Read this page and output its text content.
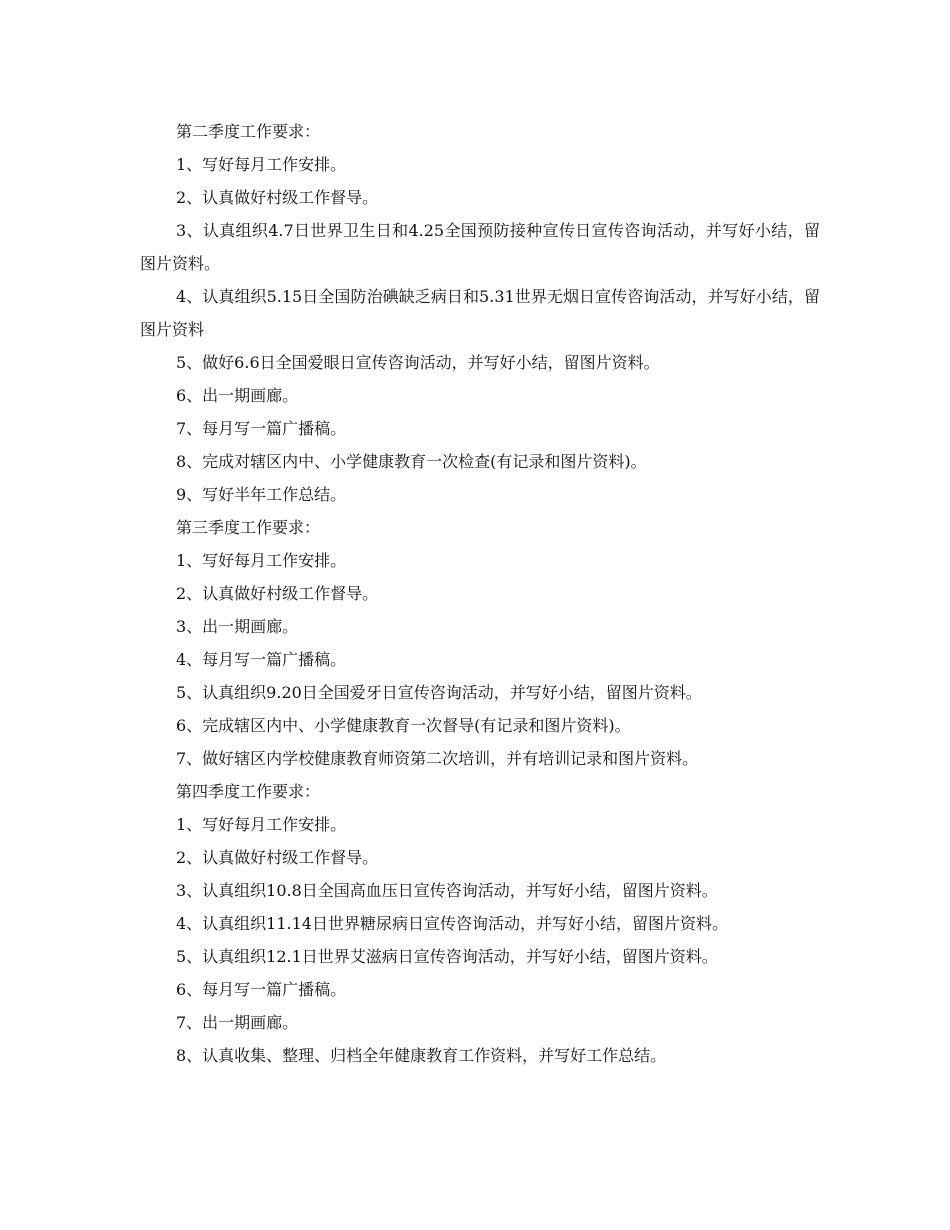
第二季度工作要求：

1、写好每月工作安排。

2、认真做好村级工作督导。

3、认真组织4.7日世界卫生日和4.25全国预防接种宣传日宣传咨询活动，并写好小结，留图片资料。

4、认真组织5.15日全国防治碘缺乏病日和5.31世界无烟日宣传咨询活动，并写好小结，留图片资料

5、做好6.6日全国爱眼日宣传咨询活动，并写好小结，留图片资料。

6、出一期画廊。

7、每月写一篇广播稿。

8、完成对辖区内中、小学健康教育一次检查(有记录和图片资料)。

9、写好半年工作总结。

第三季度工作要求：

1、写好每月工作安排。

2、认真做好村级工作督导。

3、出一期画廊。

4、每月写一篇广播稿。

5、认真组织9.20日全国爱牙日宣传咨询活动，并写好小结，留图片资料。

6、完成辖区内中、小学健康教育一次督导(有记录和图片资料)。

7、做好辖区内学校健康教育师资第二次培训，并有培训记录和图片资料。

第四季度工作要求：

1、写好每月工作安排。

2、认真做好村级工作督导。

3、认真组织10.8日全国高血压日宣传咨询活动，并写好小结，留图片资料。

4、认真组织11.14日世界糖尿病日宣传咨询活动，并写好小结，留图片资料。

5、认真组织12.1日世界艾滋病日宣传咨询活动，并写好小结，留图片资料。

6、每月写一篇广播稿。

7、出一期画廊。

8、认真收集、整理、归档全年健康教育工作资料，并写好工作总结。
